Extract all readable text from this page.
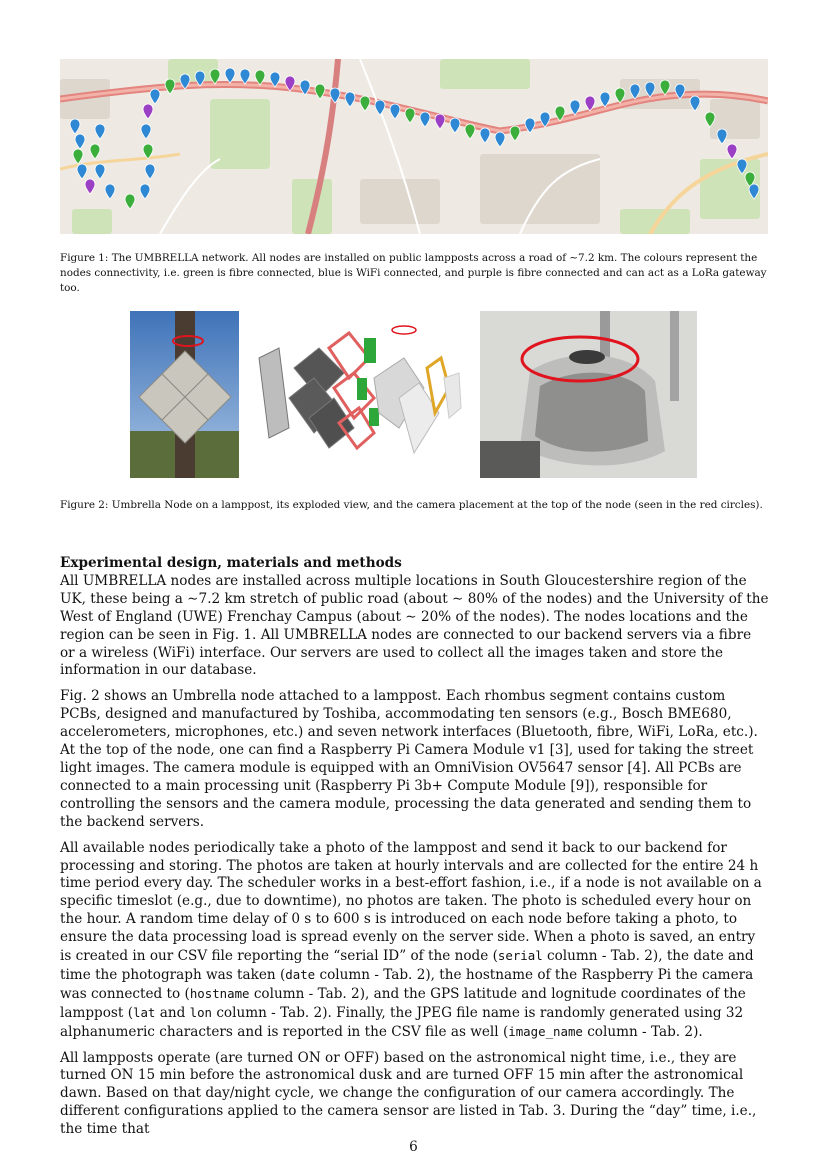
Figure 1: The UMBRELLA network. All nodes are installed on public lampposts across a road of ∼7.2 km. The colours represent the nodes connectivity, i.e. green is fibre connected, blue is WiFi connected, and purple is fibre connected and can act as a LoRa gateway too.
Figure 2: Umbrella Node on a lamppost, its exploded view, and the camera placement at the top of the node (seen in the red circles).
Experimental design, materials and methods

All UMBRELLA nodes are installed across multiple locations in South Gloucestershire region of the UK, these being a ∼7.2 km stretch of public road (about ∼ 80% of the nodes) and the University of the West of England (UWE) Frenchay Campus (about ∼ 20% of the nodes). The nodes locations and the region can be seen in Fig. 1. All UMBRELLA nodes are connected to our backend servers via a fibre or a wireless (WiFi) interface. Our servers are used to collect all the images taken and store the information in our database.

Fig. 2 shows an Umbrella node attached to a lamppost. Each rhombus segment contains custom PCBs, designed and manufactured by Toshiba, accommodating ten sensors (e.g., Bosch BME680, accelerometers, microphones, etc.) and seven network interfaces (Bluetooth, fibre, WiFi, LoRa, etc.). At the top of the node, one can find a Raspberry Pi Camera Module v1 [3], used for taking the street light images. The camera module is equipped with an OmniVision OV5647 sensor [4]. All PCBs are connected to a main processing unit (Raspberry Pi 3b+ Compute Module [9]), responsible for controlling the sensors and the camera module, processing the data generated and sending them to the backend servers.

All available nodes periodically take a photo of the lamppost and send it back to our backend for processing and storing. The photos are taken at hourly intervals and are collected for the entire 24 h time period every day. The scheduler works in a best-effort fashion, i.e., if a node is not available on a specific timeslot (e.g., due to downtime), no photos are taken. The photo is scheduled every hour on the hour. A random time delay of 0 s to 600 s is introduced on each node before taking a photo, to ensure the data processing load is spread evenly on the server side. When a photo is saved, an entry is created in our CSV file reporting the “serial ID” of the node (serial column - Tab. 2), the date and time the photograph was taken (date column - Tab. 2), the hostname of the Raspberry Pi the camera was connected to (hostname column - Tab. 2), and the GPS latitude and lognitude coordinates of the lamppost (lat and lon column - Tab. 2). Finally, the JPEG file name is randomly generated using 32 alphanumeric characters and is reported in the CSV file as well (image_name column - Tab. 2).

All lampposts operate (are turned ON or OFF) based on the astronomical night time, i.e., they are turned ON 15 min before the astronomical dusk and are turned OFF 15 min after the astronomical dawn. Based on that day/night cycle, we change the configuration of our camera accordingly. The different configurations applied to the camera sensor are listed in Tab. 3. During the “day” time, i.e., the time that

6
